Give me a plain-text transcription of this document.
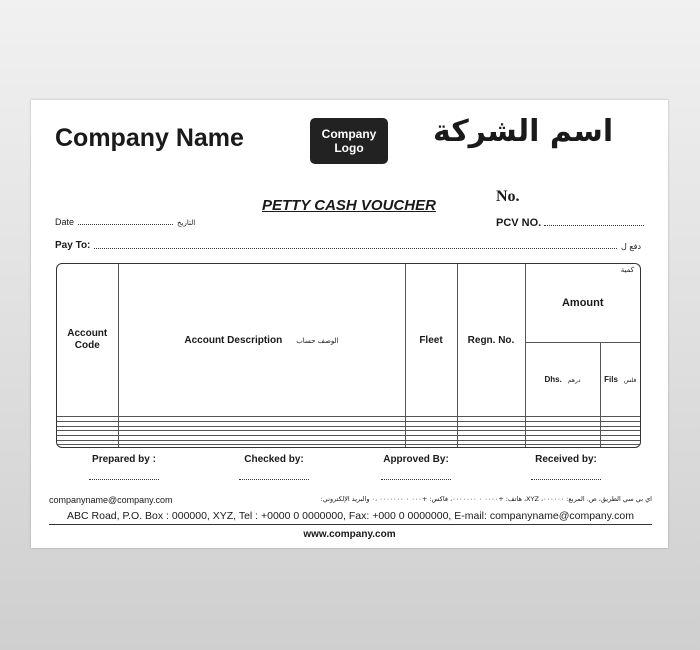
Company Name	Company
Logo اسم الشركة
No.
PETTY CASH VOUCHER
Date	التاريخ	PCV NO.
Pay To:	دفع ل
Account Code	Account Description الوصف حساب	Fleet	Regn. No.	Amount
كمية	

				Dhs. درهم	Fils فلس

Prepared by :	Checked by:	Approved By:	Received by:
companyname@company.com	اي بي سي الطريق، ص. المربع: ٠٠٠٠٠٠، XYZ، هاتف: +٠٠٠٠ ٠ ٠٠٠٠٠٠٠، فاكس: +٠٠٠ ٠ ٠٠٠٠٠٠٠ ،٠ والبريد الإلكتروني:
ABC Road, P.O. Box : 000000, XYZ, Tel : +0000 0 0000000, Fax: +000 0 0000000, E-mail: companyname@company.com
www.company.com
